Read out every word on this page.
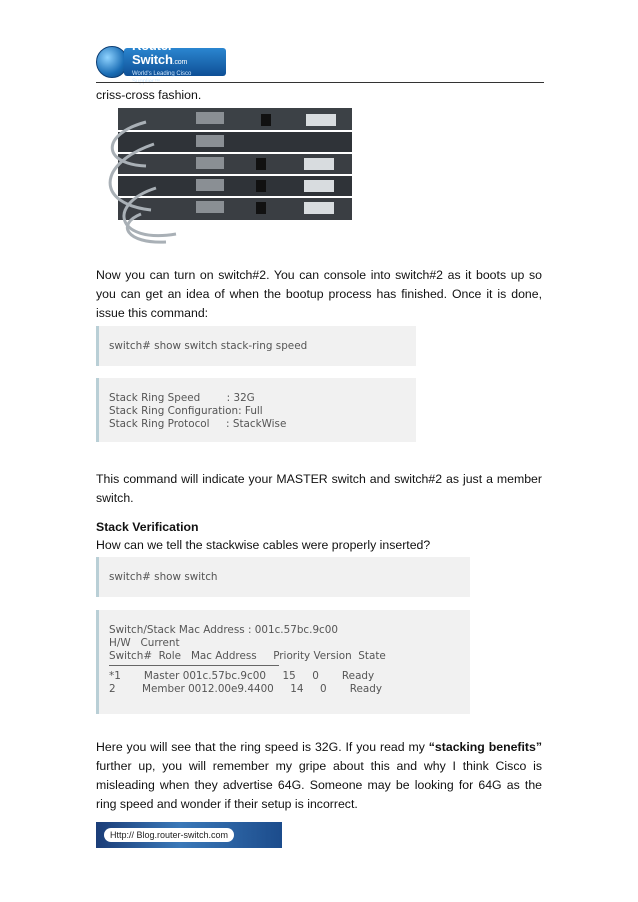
Router-Switch.com
World's Leading Cisco
criss-cross fashion.
Now you can turn on switch#2. You can console into switch#2 as it boots up so you can get an idea of when the bootup process has finished. Once it is done, issue this command:
switch# show switch stack-ring speed
Stack Ring Speed        : 32G
Stack Ring Configuration: Full
Stack Ring Protocol     : StackWise
This command will indicate your MASTER switch and switch#2 as just a member switch.
Stack Verification
How can we tell the stackwise cables were properly inserted?
switch# show switch
Switch/Stack Mac Address : 001c.57bc.9c00
H/W   Current
Switch#  Role   Mac Address     Priority Version  State
*1       Master 001c.57bc.9c00     15     0       Ready
2        Member 0012.00e9.4400     14     0       Ready
Here you will see that the ring speed is 32G. If you read my “stacking benefits” further up, you will remember my gripe about this and why I think Cisco is misleading when they advertise 64G. Someone may be looking for 64G as the ring speed and wonder if their setup is incorrect.
Http:// Blog.router-switch.com
